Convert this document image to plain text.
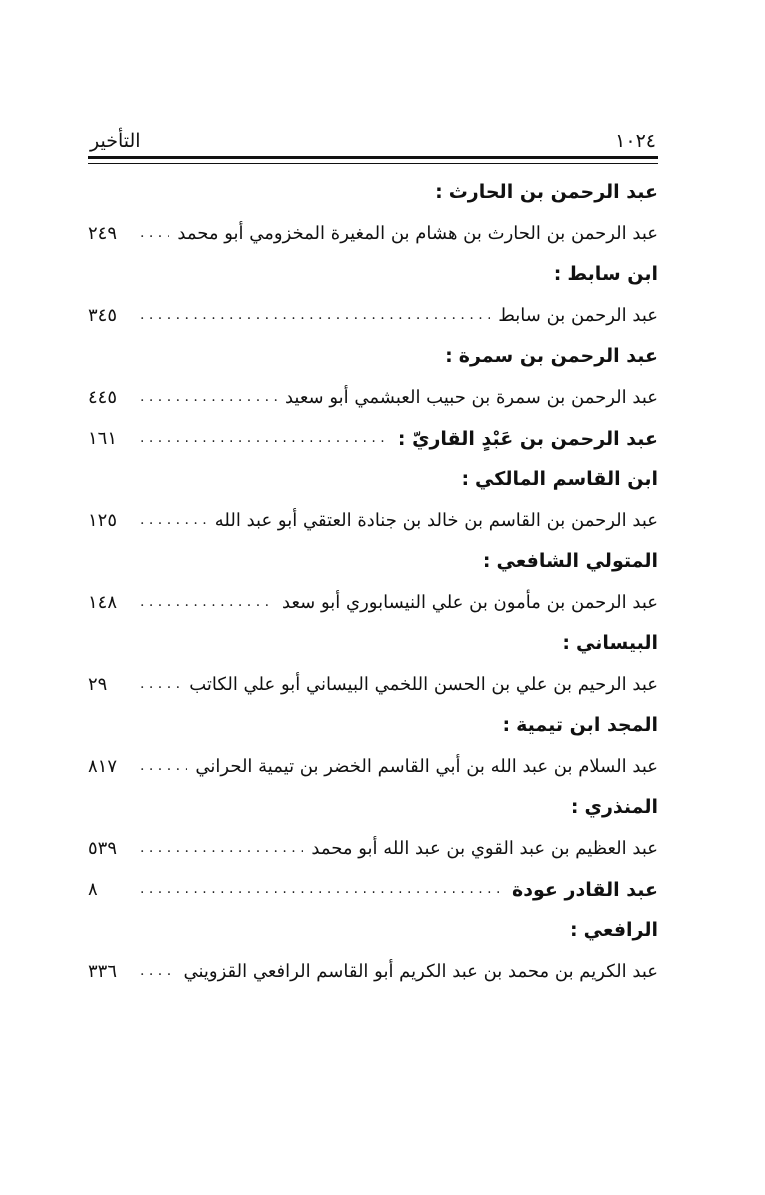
١٠٢٤
التأخير
عبد الرحمن بن الحارث:
عبد الرحمن بن الحارث بن هشام بن المغيرة المخزومي أبو محمد
. . .
٢٤٩
ابن سابط:
عبد الرحمن بن سابط
. . .
٣٤٥
عبد الرحمن بن سمرة:
عبد الرحمن بن سمرة بن حبيب العبشمي أبو سعيد
. . .
٤٤٥
عبد الرحمن بن عَبْدٍ القاريّ :
. . .
١٦١
ابن القاسم المالكي:
عبد الرحمن بن القاسم بن خالد بن جنادة العتقي أبو عبد الله
. . .
١٢٥
المتولي الشافعي:
عبد الرحمن بن مأمون بن علي النيسابوري أبو سعد
. . .
١٤٨
البيساني:
عبد الرحيم بن علي بن الحسن اللخمي البيساني أبو علي الكاتب
. . .
٢٩
المجد ابن تيمية:
عبد السلام بن عبد الله بن أبي القاسم الخضر بن تيمية الحراني
. . .
٨١٧
المنذري:
عبد العظيم بن عبد القوي بن عبد الله أبو محمد
. . .
٥٣٩
عبد القادر عودة
. . .
٨
الرافعي:
عبد الكريم بن محمد بن عبد الكريم أبو القاسم الرافعي القزويني
. . .
٣٣٦
